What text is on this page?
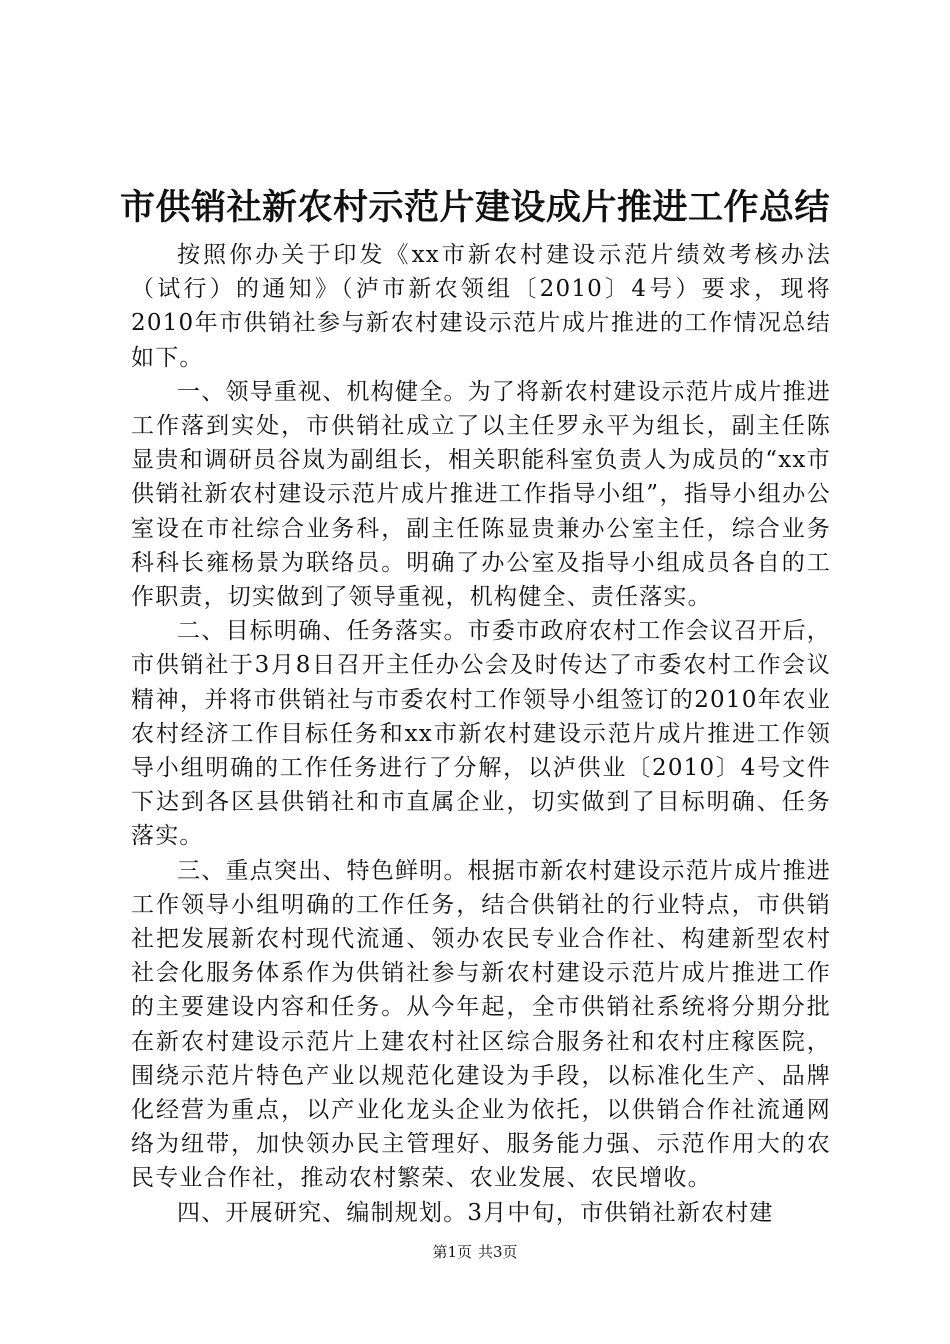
市供销社新农村示范片建设成片推进工作总结

按照你办关于印发《xx市新农村建设示范片绩效考核办法（试行）的通知》（泸市新农领组〔2010〕4号）要求，现将2010年市供销社参与新农村建设示范片成片推进的工作情况总结如下。

一、领导重视、机构健全。为了将新农村建设示范片成片推进工作落到实处，市供销社成立了以主任罗永平为组长，副主任陈显贵和调研员谷岚为副组长，相关职能科室负责人为成员的“xx市供销社新农村建设示范片成片推进工作指导小组”，指导小组办公室设在市社综合业务科，副主任陈显贵兼办公室主任，综合业务科科长雍杨景为联络员。明确了办公室及指导小组成员各自的工作职责，切实做到了领导重视，机构健全、责任落实。

二、目标明确、任务落实。市委市政府农村工作会议召开后，市供销社于3月8日召开主任办公会及时传达了市委农村工作会议精神，并将市供销社与市委农村工作领导小组签订的2010年农业农村经济工作目标任务和xx市新农村建设示范片成片推进工作领导小组明确的工作任务进行了分解，以泸供业〔2010〕4号文件下达到各区县供销社和市直属企业，切实做到了目标明确、任务落实。

三、重点突出、特色鲜明。根据市新农村建设示范片成片推进工作领导小组明确的工作任务，结合供销社的行业特点，市供销社把发展新农村现代流通、领办农民专业合作社、构建新型农村社会化服务体系作为供销社参与新农村建设示范片成片推进工作的主要建设内容和任务。从今年起，全市供销社系统将分期分批在新农村建设示范片上建农村社区综合服务社和农村庄稼医院，围绕示范片特色产业以规范化建设为手段，以标准化生产、品牌化经营为重点，以产业化龙头企业为依托，以供销合作社流通网络为纽带，加快领办民主管理好、服务能力强、示范作用大的农民专业合作社，推动农村繁荣、农业发展、农民增收。

四、开展研究、编制规划。3月中旬，市供销社新农村建

第1页 共3页
